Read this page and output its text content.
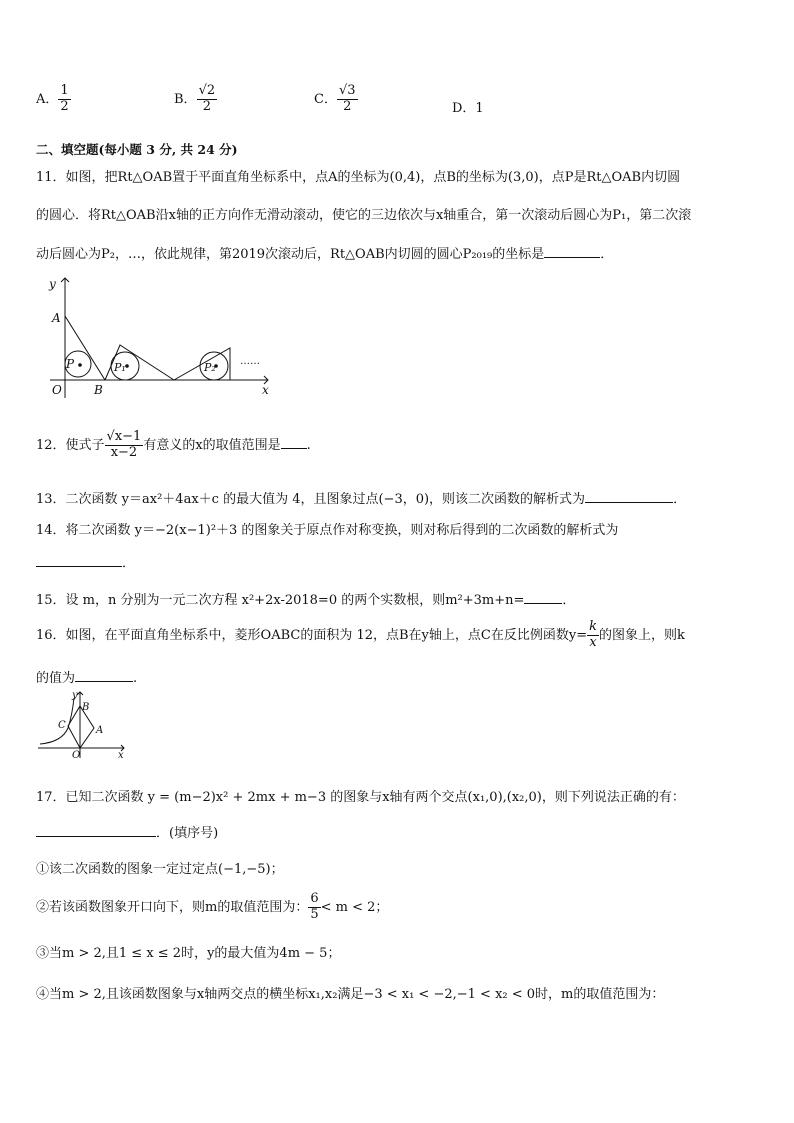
A． $\frac{1}{2}$	B． $\frac{√2}{2}$	C． $\frac{√3}{2}$	D．1
二、填空题(每小题 3 分, 共 24 分)
11．如图，把Rt△OAB置于平面直角坐标系中，点A的坐标为(0,4)，点B的坐标为(3,0)，点P是Rt△OAB内切圆
的圆心．将Rt△OAB沿x轴的正方向作无滑动滚动，使它的三边依次与x轴重合，第一次滚动后圆心为P₁，第二次滚
动后圆心为P₂，…，依此规律，第2019次滚动后，Rt△OAB内切圆的圆心P₂₀₁₉的坐标是	．
y
x
A
O	B
P	P₁	P₂ ……
12．使式子 $\frac{√x-1}{x-2}$ 有意义的x的取值范围是 .
13．二次函数 y＝ax²＋4ax＋c 的最大值为 4，且图象过点(−3，0)，则该二次函数的解析式为	．
14．将二次函数 y＝−2(x−1)²＋3 的图象关于原点作对称变换，则对称后得到的二次函数的解析式为
．
15．设 m，n 分别为一元二次方程 x²+2x-2018=0 的两个实数根，则m²+3m+n=	．
16．如图，在平面直角坐标系中，菱形OABC的面积为 12，点B在y轴上，点C在反比例函数$y= \frac{k}{x}$ 的图象上，则k
的值为	.
y
B
C	A
O	x
17．已知二次函数 y = (m−2)x² + 2mx + m−3 的图象与x轴有两个交点(x₁,0),(x₂,0)，则下列说法正确的有：
．(填序号)
①该二次函数的图象一定过定点(−1,−5)；
②若该函数图象开口向下，则m的取值范围为： $\frac{6}{5} < m < 2$；
③当m > 2,且1 ≤ x ≤ 2时，y的最大值为4m − 5；
④当m > 2,且该函数图象与x轴两交点的横坐标x₁,x₂满足−3 < x₁ < −2,−1 < x₂ < 0时，m的取值范围为：
